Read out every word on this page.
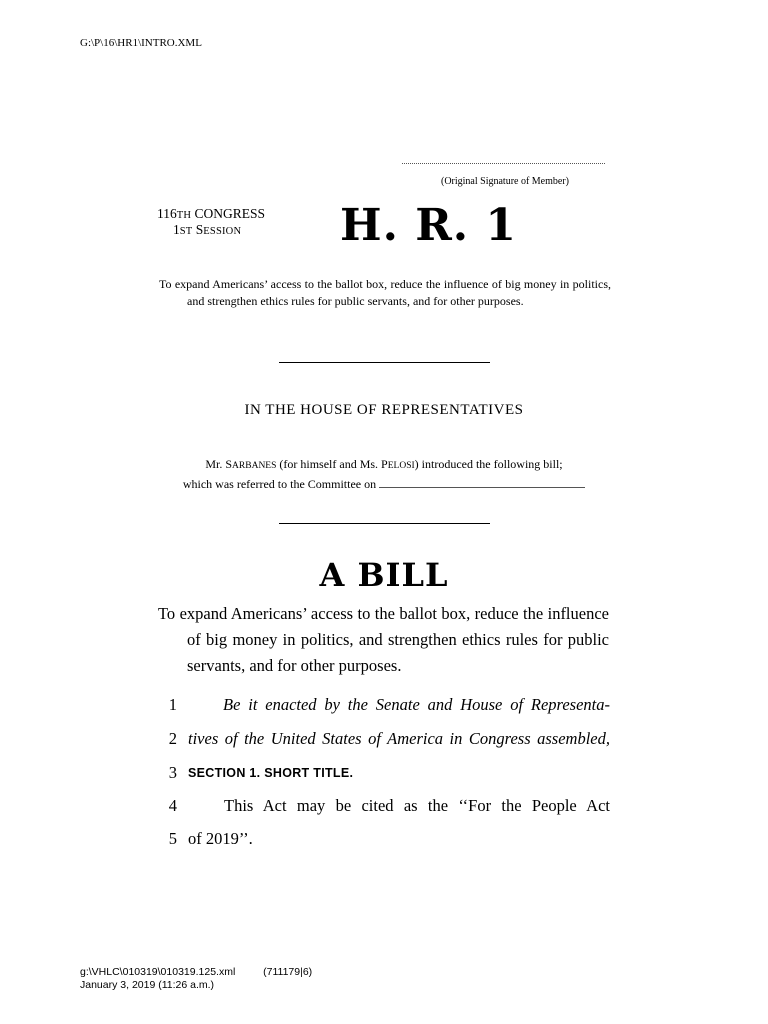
G:\P\16\HR1\INTRO.XML
(Original Signature of Member)
116TH CONGRESS
1ST SESSION H. R. 1
To expand Americans’ access to the ballot box, reduce the influence of big money in politics, and strengthen ethics rules for public servants, and for other purposes.
IN THE HOUSE OF REPRESENTATIVES
Mr. SARBANES (for himself and Ms. PELOSI) introduced the following bill;
which was referred to the Committee on
A BILL
To expand Americans’ access to the ballot box, reduce the influence of big money in politics, and strengthen ethics rules for public servants, and for other purposes.
1	Be it enacted by the Senate and House of Representa-
2 tives of the United States of America in Congress assembled,
3 SECTION 1. SHORT TITLE.
4	This Act may be cited as the ‘‘For the People Act
5 of 2019’’.
g:\VHLC\010319\010319.125.xml	(711179|6)
January 3, 2019 (11:26 a.m.)
